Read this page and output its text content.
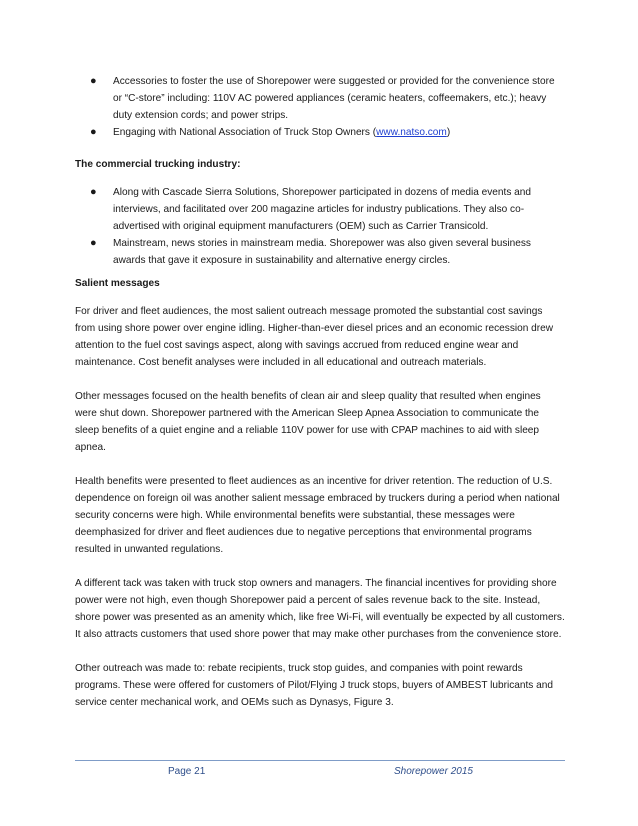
● Accessories to foster the use of Shorepower were suggested or provided for the convenience store or “C-store” including: 110V AC powered appliances (ceramic heaters, coffeemakers, etc.); heavy duty extension cords; and power strips.
● Engaging with National Association of Truck Stop Owners (www.natso.com)

The commercial trucking industry:

● Along with Cascade Sierra Solutions, Shorepower participated in dozens of media events and interviews, and facilitated over 200 magazine articles for industry publications. They also co-advertised with original equipment manufacturers (OEM) such as Carrier Transicold.
● Mainstream, news stories in mainstream media. Shorepower was also given several business awards that gave it exposure in sustainability and alternative energy circles.

Salient messages

For driver and fleet audiences, the most salient outreach message promoted the substantial cost savings from using shore power over engine idling. Higher-than-ever diesel prices and an economic recession drew attention to the fuel cost savings aspect, along with savings accrued from reduced engine wear and maintenance. Cost benefit analyses were included in all educational and outreach materials.

Other messages focused on the health benefits of clean air and sleep quality that resulted when engines were shut down. Shorepower partnered with the American Sleep Apnea Association to communicate the sleep benefits of a quiet engine and a reliable 110V power for use with CPAP machines to aid with sleep apnea.

Health benefits were presented to fleet audiences as an incentive for driver retention. The reduction of U.S. dependence on foreign oil was another salient message embraced by truckers during a period when national security concerns were high. While environmental benefits were substantial, these messages were deemphasized for driver and fleet audiences due to negative perceptions that environmental programs resulted in unwanted regulations.

A different tack was taken with truck stop owners and managers. The financial incentives for providing shore power were not high, even though Shorepower paid a percent of sales revenue back to the site. Instead, shore power was presented as an amenity which, like free Wi-Fi, will eventually be expected by all customers. It also attracts customers that used shore power that may make other purchases from the convenience store.

Other outreach was made to: rebate recipients, truck stop guides, and companies with point rewards programs. These were offered for customers of Pilot/Flying J truck stops, buyers of AMBEST lubricants and service center mechanical work, and OEMs such as Dynasys, Figure 3.

Page 21	Shorepower 2015
